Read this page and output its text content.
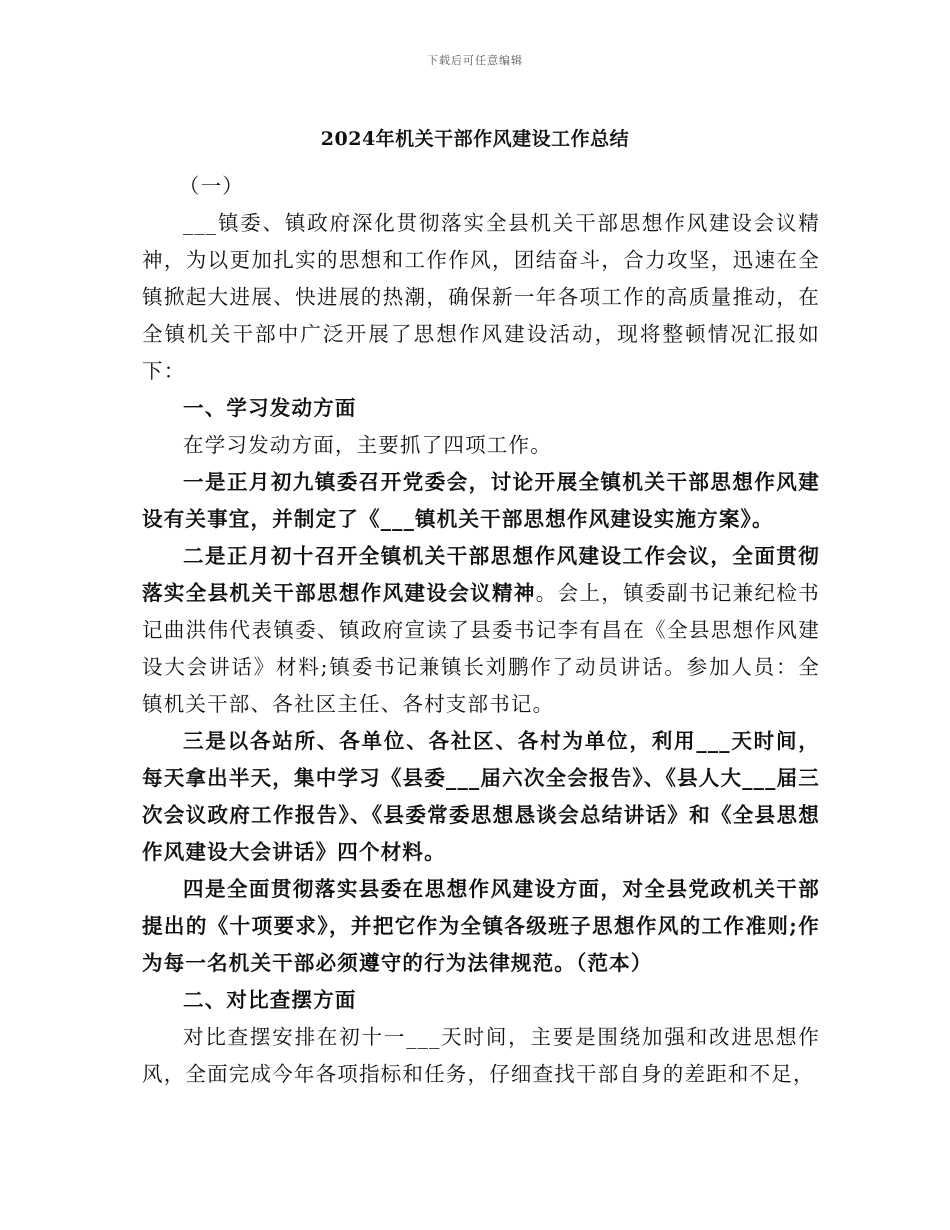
下载后可任意编辑
2024年机关干部作风建设工作总结

（一）

___镇委、镇政府深化贯彻落实全县机关干部思想作风建设会议精神，为以更加扎实的思想和工作作风，团结奋斗，合力攻坚，迅速在全镇掀起大进展、快进展的热潮，确保新一年各项工作的高质量推动，在全镇机关干部中广泛开展了思想作风建设活动，现将整顿情况汇报如下：

一、学习发动方面

在学习发动方面，主要抓了四项工作。

一是正月初九镇委召开党委会，讨论开展全镇机关干部思想作风建设有关事宜，并制定了《___镇机关干部思想作风建设实施方案》。

二是正月初十召开全镇机关干部思想作风建设工作会议，全面贯彻落实全县机关干部思想作风建设会议精神。会上，镇委副书记兼纪检书记曲洪伟代表镇委、镇政府宣读了县委书记李有昌在《全县思想作风建设大会讲话》材料;镇委书记兼镇长刘鹏作了动员讲话。参加人员：全镇机关干部、各社区主任、各村支部书记。

三是以各站所、各单位、各社区、各村为单位，利用___天时间，每天拿出半天，集中学习《县委___届六次全会报告》、《县人大___届三次会议政府工作报告》、《县委常委思想恳谈会总结讲话》和《全县思想作风建设大会讲话》四个材料。

四是全面贯彻落实县委在思想作风建设方面，对全县党政机关干部提出的《十项要求》，并把它作为全镇各级班子思想作风的工作准则;作为每一名机关干部必须遵守的行为法律规范。（范本）

二、对比查摆方面

对比查摆安排在初十一___天时间，主要是围绕加强和改进思想作风，全面完成今年各项指标和任务，仔细查找干部自身的差距和不足，
